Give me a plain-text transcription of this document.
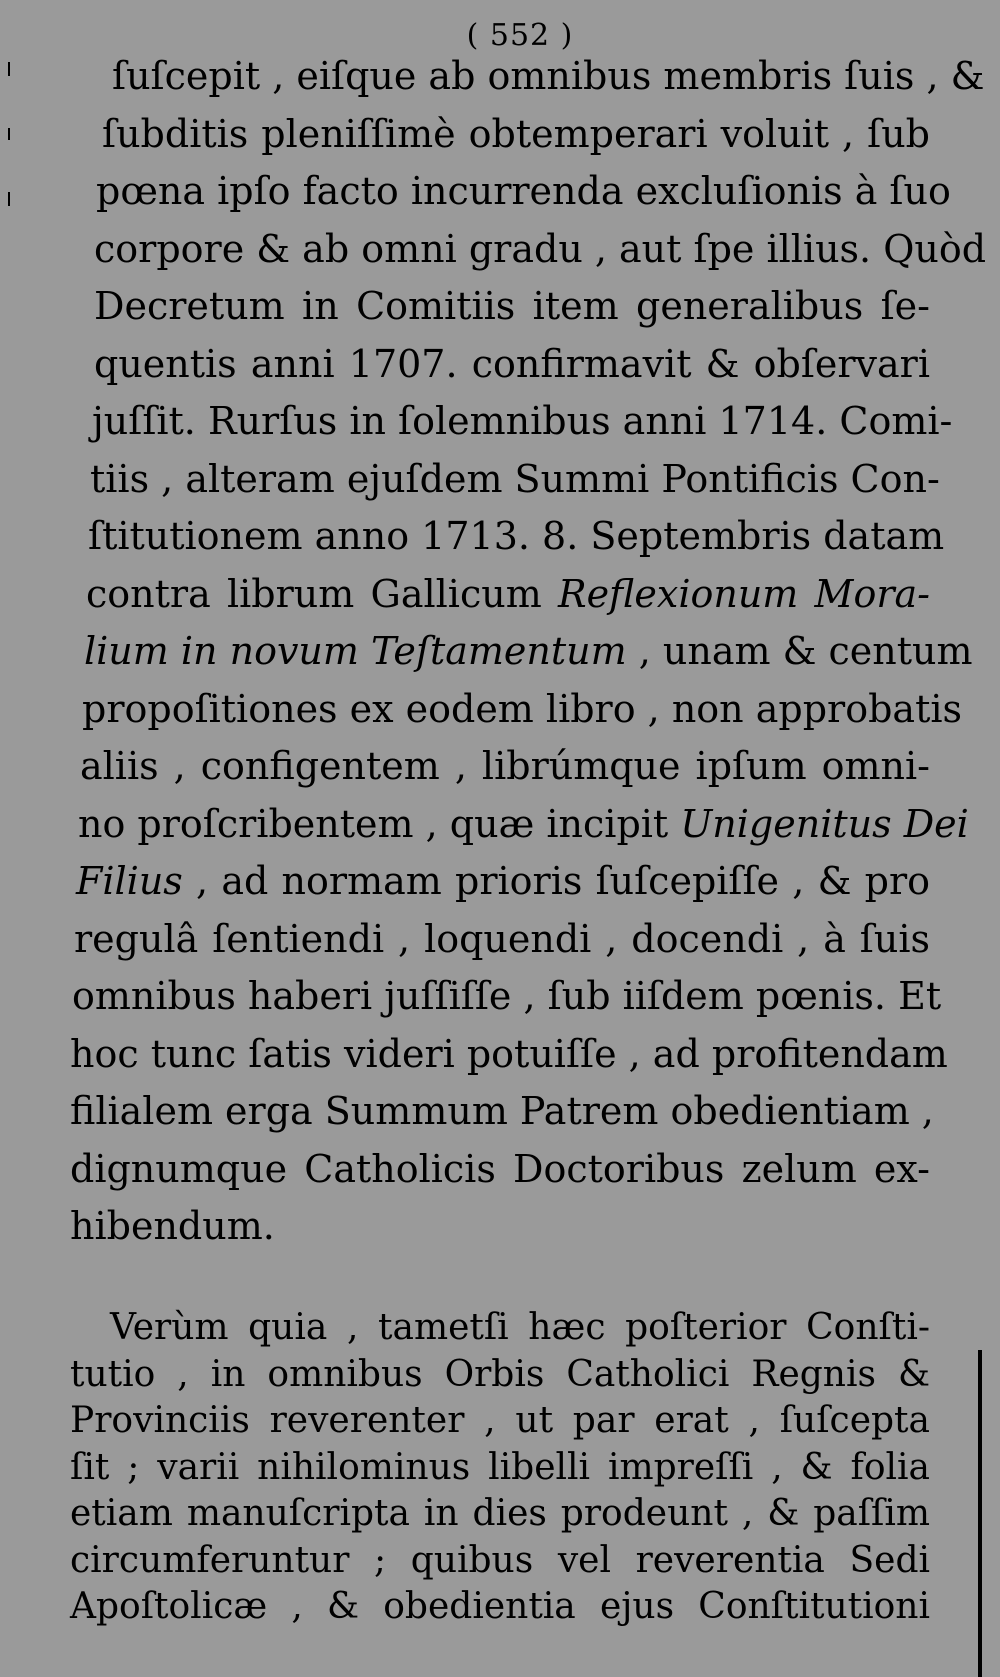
( 552 )
ſuſcepit , eiſque ab omnibus membris ſuis , &
ſubditis pleniſſimè obtemperari voluit , ſub
pœna ipſo facto incurrenda excluſionis à ſuo
corpore & ab omni gradu , aut ſpe illius. Quòd
Decretum in Comitiis item generalibus ſe-
quentis anni 1707. confirmavit & obſervari
juſſit. Rurſus in ſolemnibus anni 1714. Comi-
tiis , alteram ejuſdem Summi Pontificis Con-
ſtitutionem anno 1713. 8. Septembris datam
contra librum Gallicum Reflexionum Mora-
lium in novum Teſtamentum , unam & centum
propoſitiones ex eodem libro , non approbatis
aliis , configentem , librúmque ipſum omni-
no proſcribentem , quæ incipit Unigenitus Dei
Filius , ad normam prioris ſuſcepiſſe , & pro
regulâ ſentiendi , loquendi , docendi , à ſuis
omnibus haberi juſſiſſe , ſub iiſdem pœnis. Et
hoc tunc ſatis videri potuiſſe , ad profitendam
filialem erga Summum Patrem obedientiam ,
dignumque Catholicis Doctoribus zelum ex-
hibendum.
Verùm quia , tametſi hæc poſterior Conſti-
tutio , in omnibus Orbis Catholici Regnis &
Provinciis reverenter , ut par erat , ſuſcepta
ſit ; varii nihilominus libelli impreſſi , & folia
etiam manuſcripta in dies prodeunt , & paſſim
circumferuntur ; quibus vel reverentia Sedi
Apoſtolicæ , & obedientia ejus Conſtitutioni
